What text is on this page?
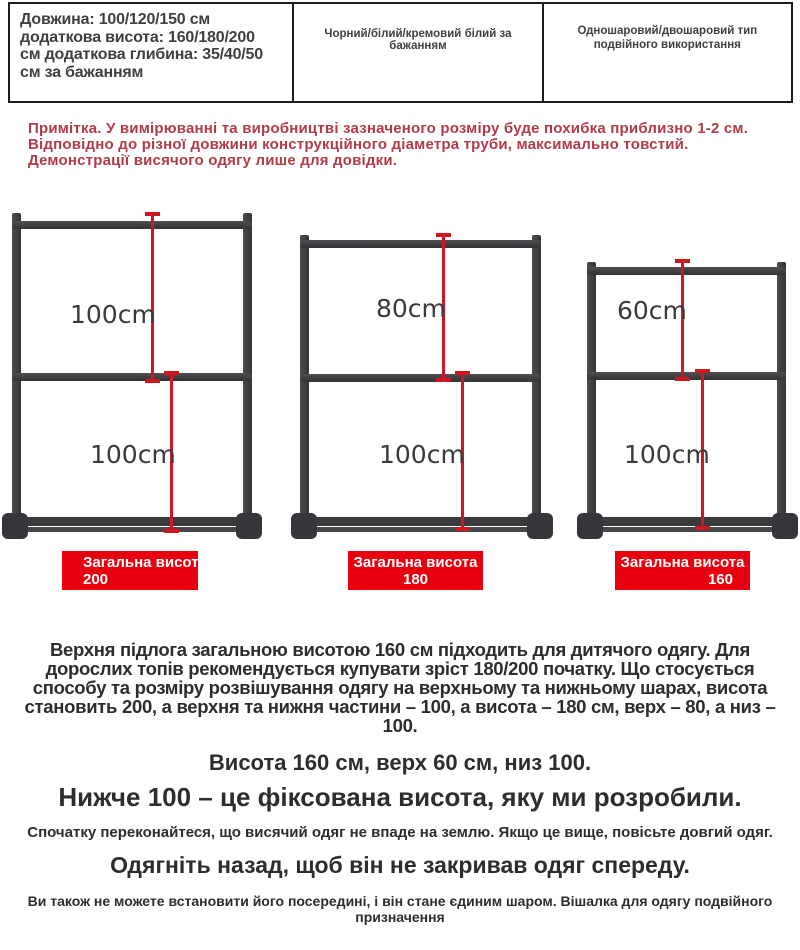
Довжина: 100/120/150 см додаткова висота: 160/180/200 см додаткова глибина: 35/40/50 см за бажанням
Чорний/білий/кремовий білий за бажанням
Одношаровий/двошаровий тип подвійного використання
Примітка. У вимірюванні та виробництві зазначеного розміру буде похибка приблизно 1-2 см. Відповідно до різної довжини конструкційного діаметра труби, максимально товстий. Демонстрації висячого одягу лише для довідки.
100cm
100cm
80cm
100cm
60cm
100cm
Загальна висота
200
Загальна висота
180
Загальна висота
160
Верхня підлога загальною висотою 160 см підходить для дитячого одягу. Для дорослих топів рекомендується купувати зріст 180/200 початку. Що стосується способу та розміру розвішування одягу на верхньому та нижньому шарах, висота становить 200, а верхня та нижня частини – 100, а висота – 180 см, верх – 80, а низ – 100.
Висота 160 см, верх 60 см, низ 100.
Нижче 100 – це фіксована висота, яку ми розробили.
Спочатку переконайтеся, що висячий одяг не впаде на землю. Якщо це вище, повісьте довгий одяг.
Одягніть назад, щоб він не закривав одяг спереду.
Ви також не можете встановити його посередині, і він стане єдиним шаром. Вішалка для одягу подвійного призначення
